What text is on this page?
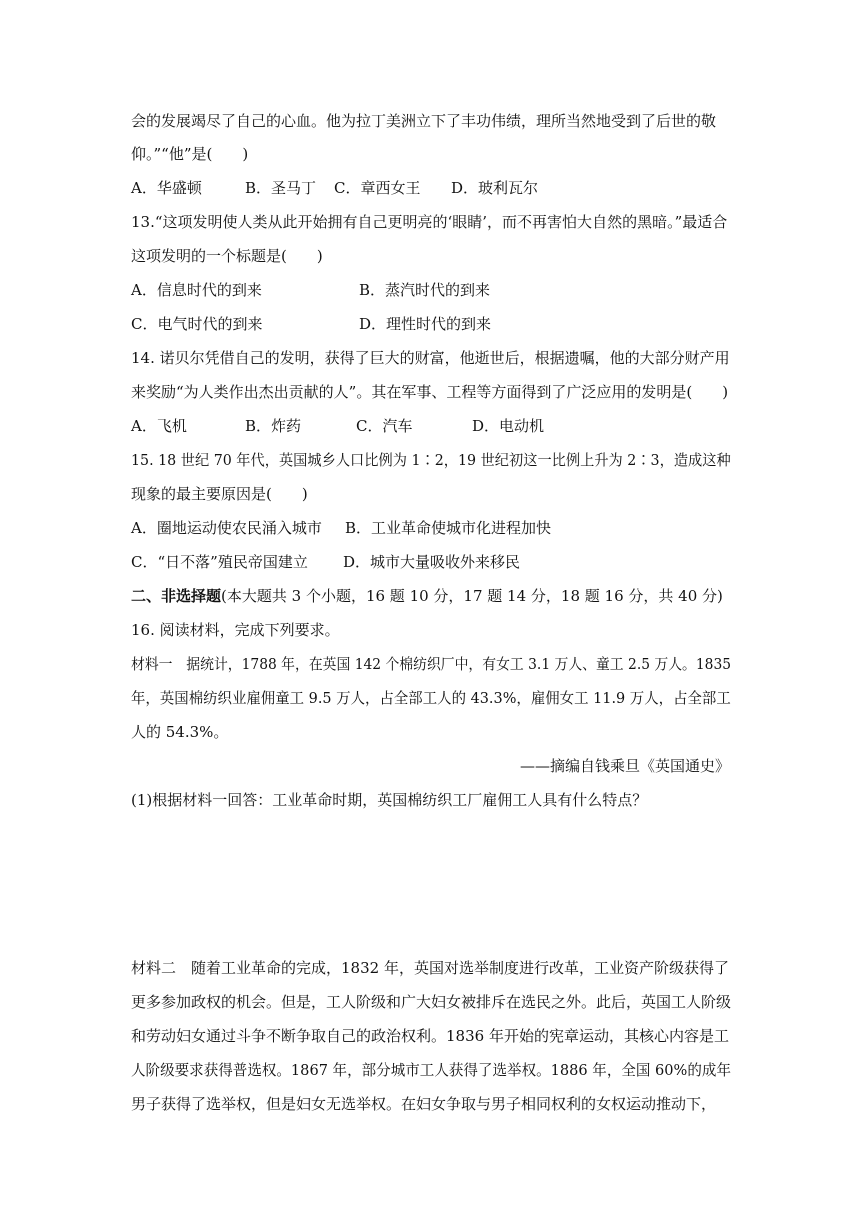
会的发展竭尽了自己的心血。他为拉丁美洲立下了丰功伟绩，理所当然地受到了后世的敬
仰。”“他”是(　　)
A．华盛顿	B．圣马丁 C．章西女王 D．玻利瓦尔
13.“这项发明使人类从此开始拥有自己更明亮的‘眼睛’，而不再害怕大自然的黑暗。”最适合
这项发明的一个标题是(　　)
A．信息时代的到来	B．蒸汽时代的到来
C．电气时代的到来	D．理性时代的到来
14. 诺贝尔凭借自己的发明，获得了巨大的财富，他逝世后，根据遗嘱，他的大部分财产用
来奖励“为人类作出杰出贡献的人”。其在军事、工程等方面得到了广泛应用的发明是(　　)
A．飞机	B．炸药	C．汽车	D．电动机
15. 18 世纪 70 年代，英国城乡人口比例为 1∶2，19 世纪初这一比例上升为 2∶3，造成这种
现象的最主要原因是(　　)
A．圈地运动使农民涌入城市 B．工业革命使城市化进程加快
C．“日不落”殖民帝国建立 D．城市大量吸收外来移民
二、非选择题(本大题共 3 个小题，16 题 10 分，17 题 14 分，18 题 16 分，共 40 分)
16. 阅读材料，完成下列要求。
材料一　据统计，1788 年，在英国 142 个棉纺织厂中，有女工 3.1 万人、童工 2.5 万人。1835
年，英国棉纺织业雇佣童工 9.5 万人，占全部工人的 43.3%，雇佣女工 11.9 万人，占全部工
人的 54.3%。
——摘编自钱乘旦《英国通史》
(1)根据材料一回答：工业革命时期，英国棉纺织工厂雇佣工人具有什么特点？
材料二　随着工业革命的完成，1832 年，英国对选举制度进行改革，工业资产阶级获得了
更多参加政权的机会。但是，工人阶级和广大妇女被排斥在选民之外。此后，英国工人阶级
和劳动妇女通过斗争不断争取自己的政治权利。1836 年开始的宪章运动，其核心内容是工
人阶级要求获得普选权。1867 年，部分城市工人获得了选举权。1886 年，全国 60%的成年
男子获得了选举权，但是妇女无选举权。在妇女争取与男子相同权利的女权运动推动下，
